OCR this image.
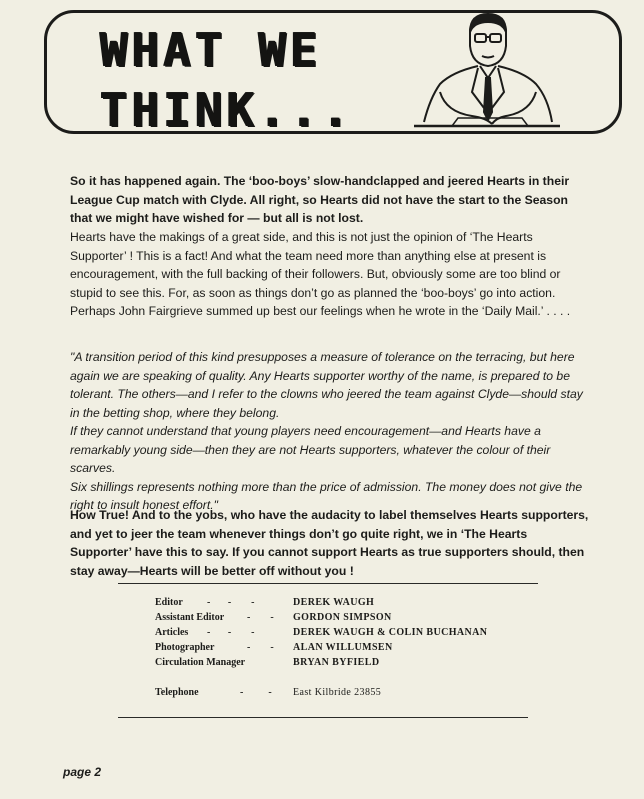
WHAT WE
THINK...

So it has happened again. The ‘boo-boys’ slow-handclapped and jeered Hearts in their League Cup match with Clyde. All right, so Hearts did not have the start to the Season that we might have wished for — but all is not lost.

Hearts have the makings of a great side, and this is not just the opinion of ‘The Hearts Supporter’ ! This is a fact! And what the team need more than anything else at present is encouragement, with the full backing of their followers. But, obviously some are too blind or stupid to see this. For, as soon as things don’t go as planned the ‘boo-boys’ go into action. Perhaps John Fairgrieve summed up best our feelings when he wrote in the ‘Daily Mail.’ . . . .

"A transition period of this kind presupposes a measure of tolerance on the terracing, but here again we are speaking of quality. Any Hearts supporter worthy of the name, is prepared to be tolerant. The others—and I refer to the clowns who jeered the team against Clyde—should stay in the betting shop, where they belong.

If they cannot understand that young players need encouragement—and Hearts have a remarkably young side—then they are not Hearts supporters, whatever the colour of their scarves.

Six shillings represents nothing more than the price of admission. The money does not give the right to insult honest effort."

How True! And to the yobs, who have the audacity to label themselves Hearts supporters, and yet to jeer the team whenever things don’t go quite right, we in ‘The Hearts Supporter’ have this to say. If you cannot support Hearts as true supporters should, then stay away—Hearts will be better off without you !

Editor -       -        -	DEREK WAUGH
Assistant Editor -        - GORDON SIMPSON
Articles -       -        -	DEREK WAUGH & COLIN BUCHANAN
Photographer	-        - ALAN WILLUMSEN
Circulation Manager	BRYAN BYFIELD
Telephone	-          - East Kilbride 23855
page 2
